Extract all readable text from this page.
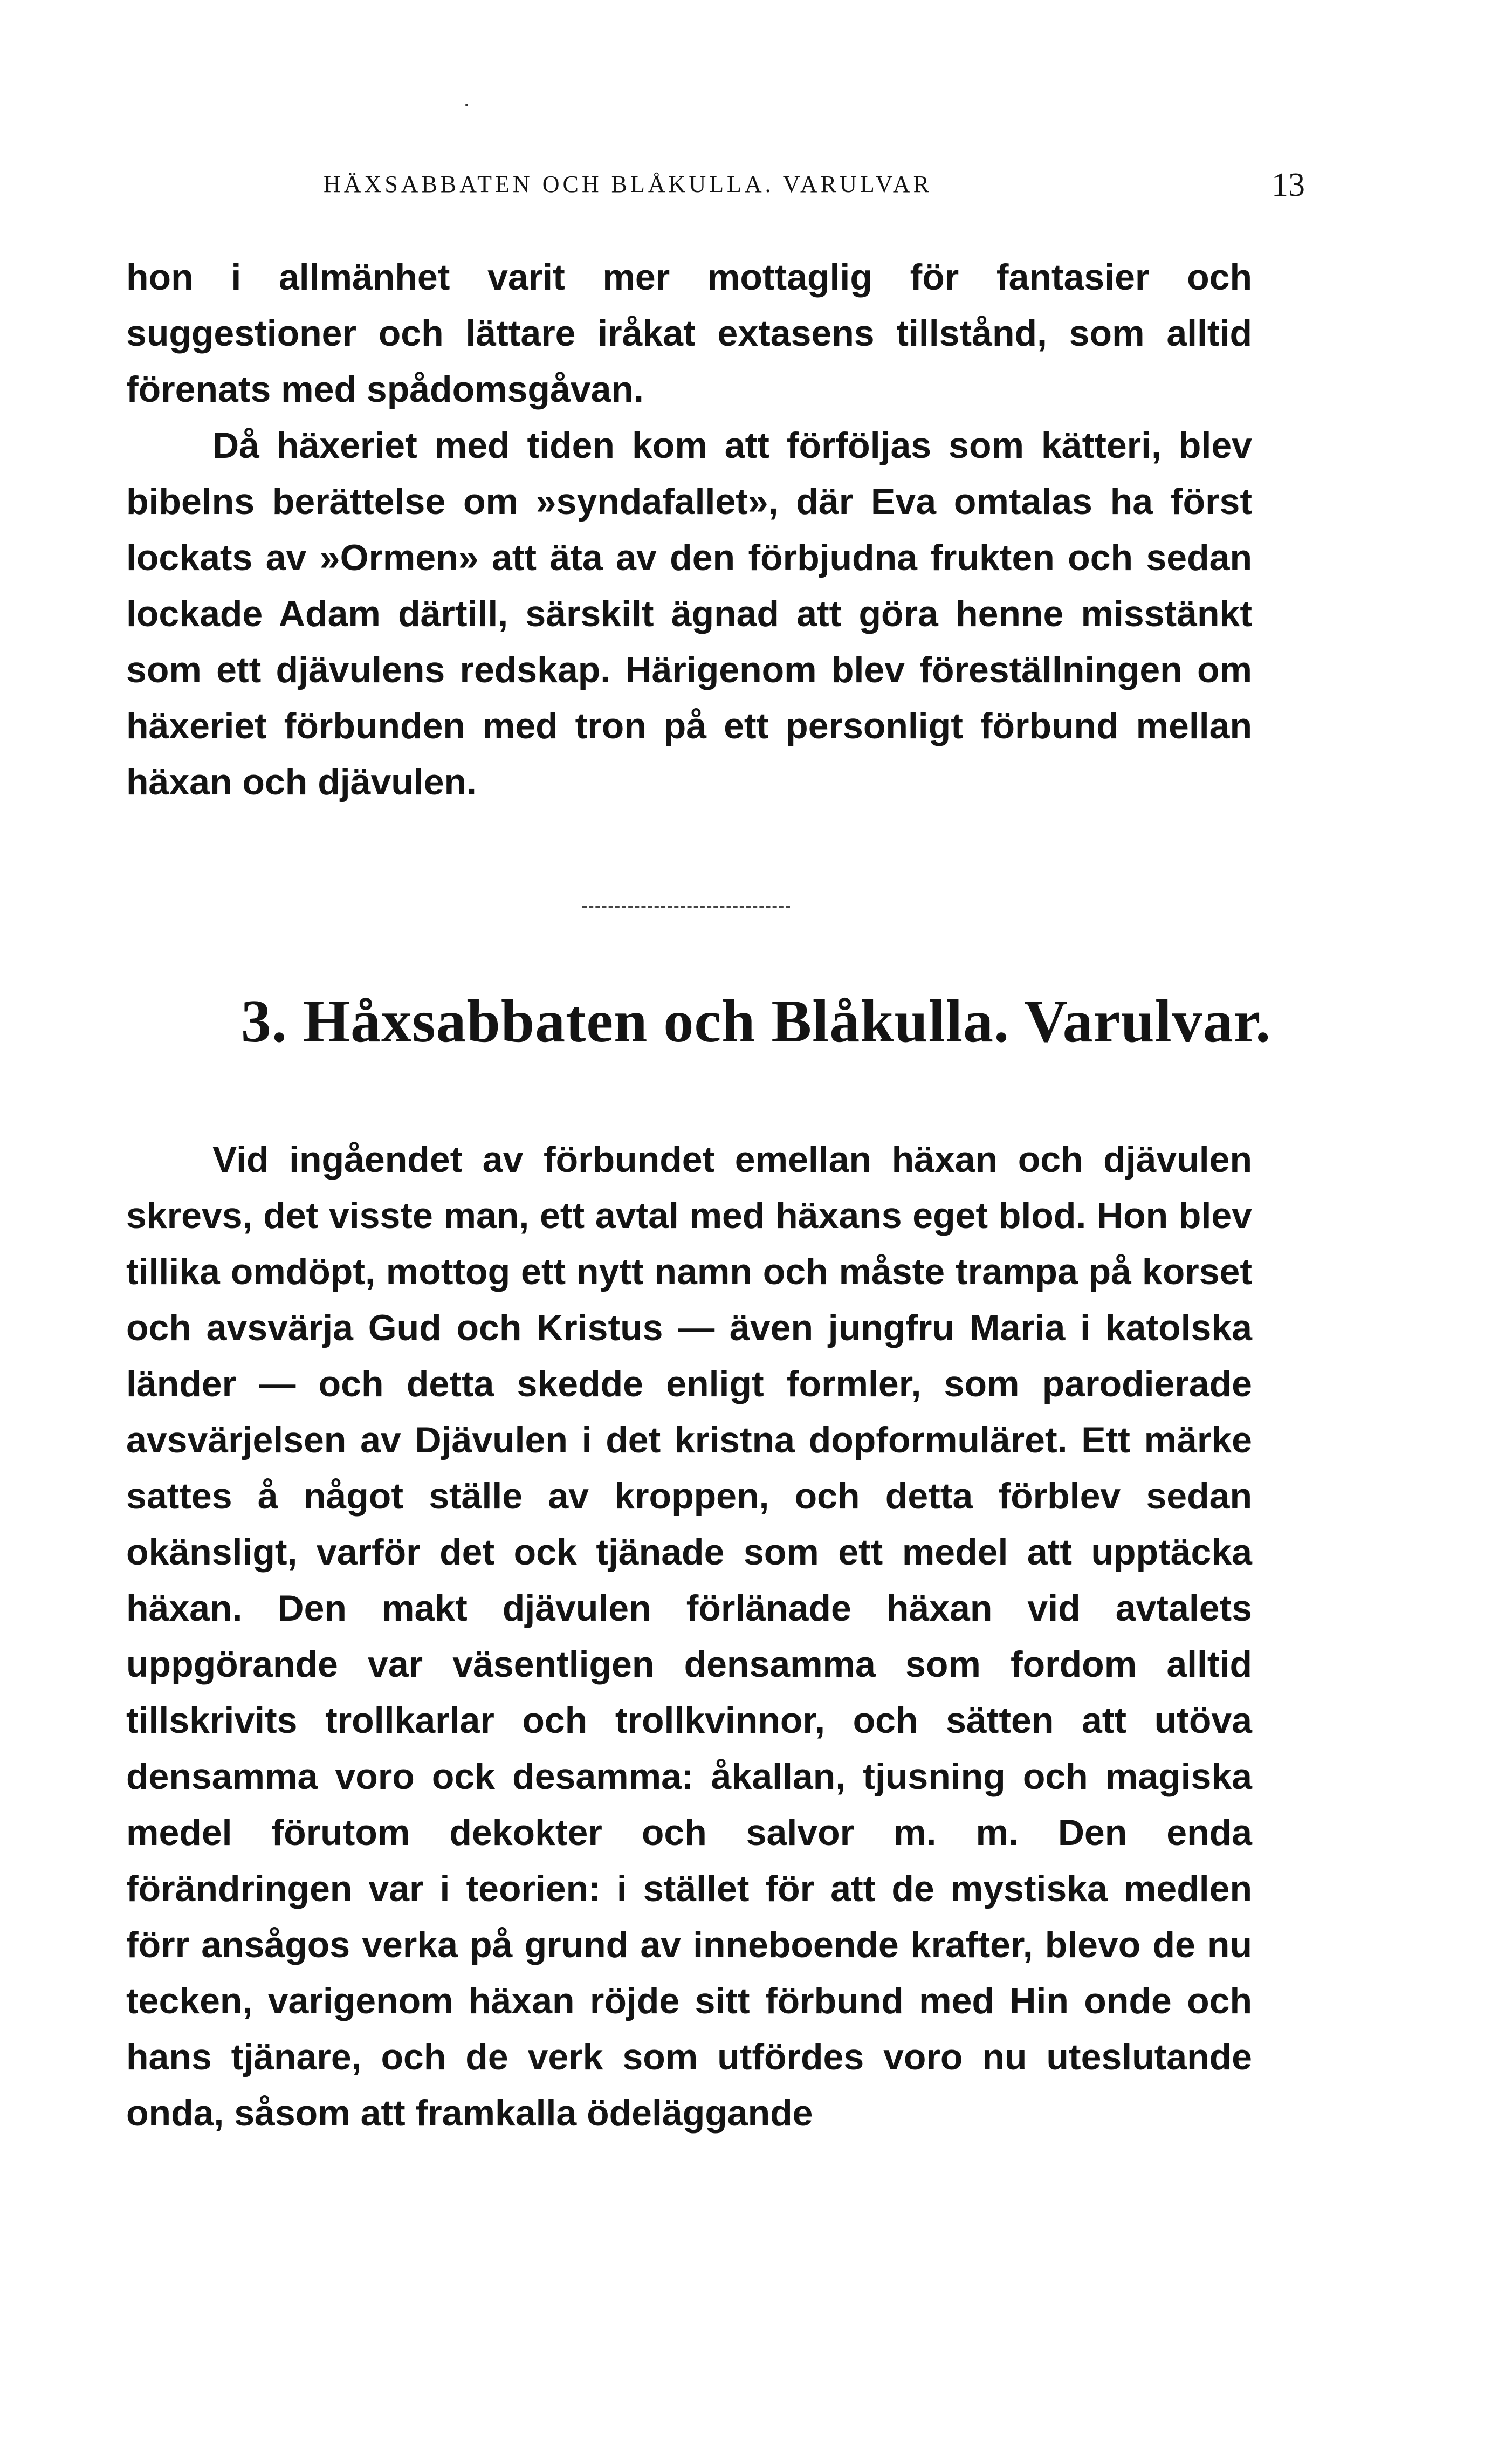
HÄXSABBATEN OCH BLÅKULLA. VARULVAR	13

hon i allmänhet varit mer mottaglig för fantasier och suggestioner och lättare iråkat extasens tillstånd, som alltid förenats med spådomsgåvan.

Då häxeriet med tiden kom att förföljas som kätteri, blev bibelns berättelse om »syndafallet», där Eva omtalas ha först lockats av »Ormen» att äta av den förbjudna frukten och sedan lockade Adam därtill, särskilt ägnad att göra henne misstänkt som ett djävulens redskap. Härigenom blev föreställningen om häxeriet förbunden med tron på ett personligt förbund mellan häxan och djävulen.

3. Håxsabbaten och Blåkulla. Varulvar.

Vid ingåendet av förbundet emellan häxan och djävulen skrevs, det visste man, ett avtal med häxans eget blod. Hon blev tillika omdöpt, mottog ett nytt namn och måste trampa på korset och avsvärja Gud och Kristus — även jungfru Maria i katolska länder — och detta skedde enligt formler, som parodierade avsvärjelsen av Djävulen i det kristna dopformuläret. Ett märke sattes å något ställe av kroppen, och detta förblev sedan okänsligt, varför det ock tjänade som ett medel att upptäcka häxan. Den makt djävulen förlänade häxan vid avtalets uppgörande var väsentligen densamma som fordom alltid tillskrivits trollkarlar och trollkvinnor, och sätten att utöva densamma voro ock desamma: åkallan, tjusning och magiska medel förutom dekokter och salvor m. m. Den enda förändringen var i teorien: i stället för att de mystiska medlen förr ansågos verka på grund av inneboende krafter, blevo de nu tecken, varigenom häxan röjde sitt förbund med Hin onde och hans tjänare, och de verk som utfördes voro nu uteslutande onda, såsom att framkalla ödeläggande
